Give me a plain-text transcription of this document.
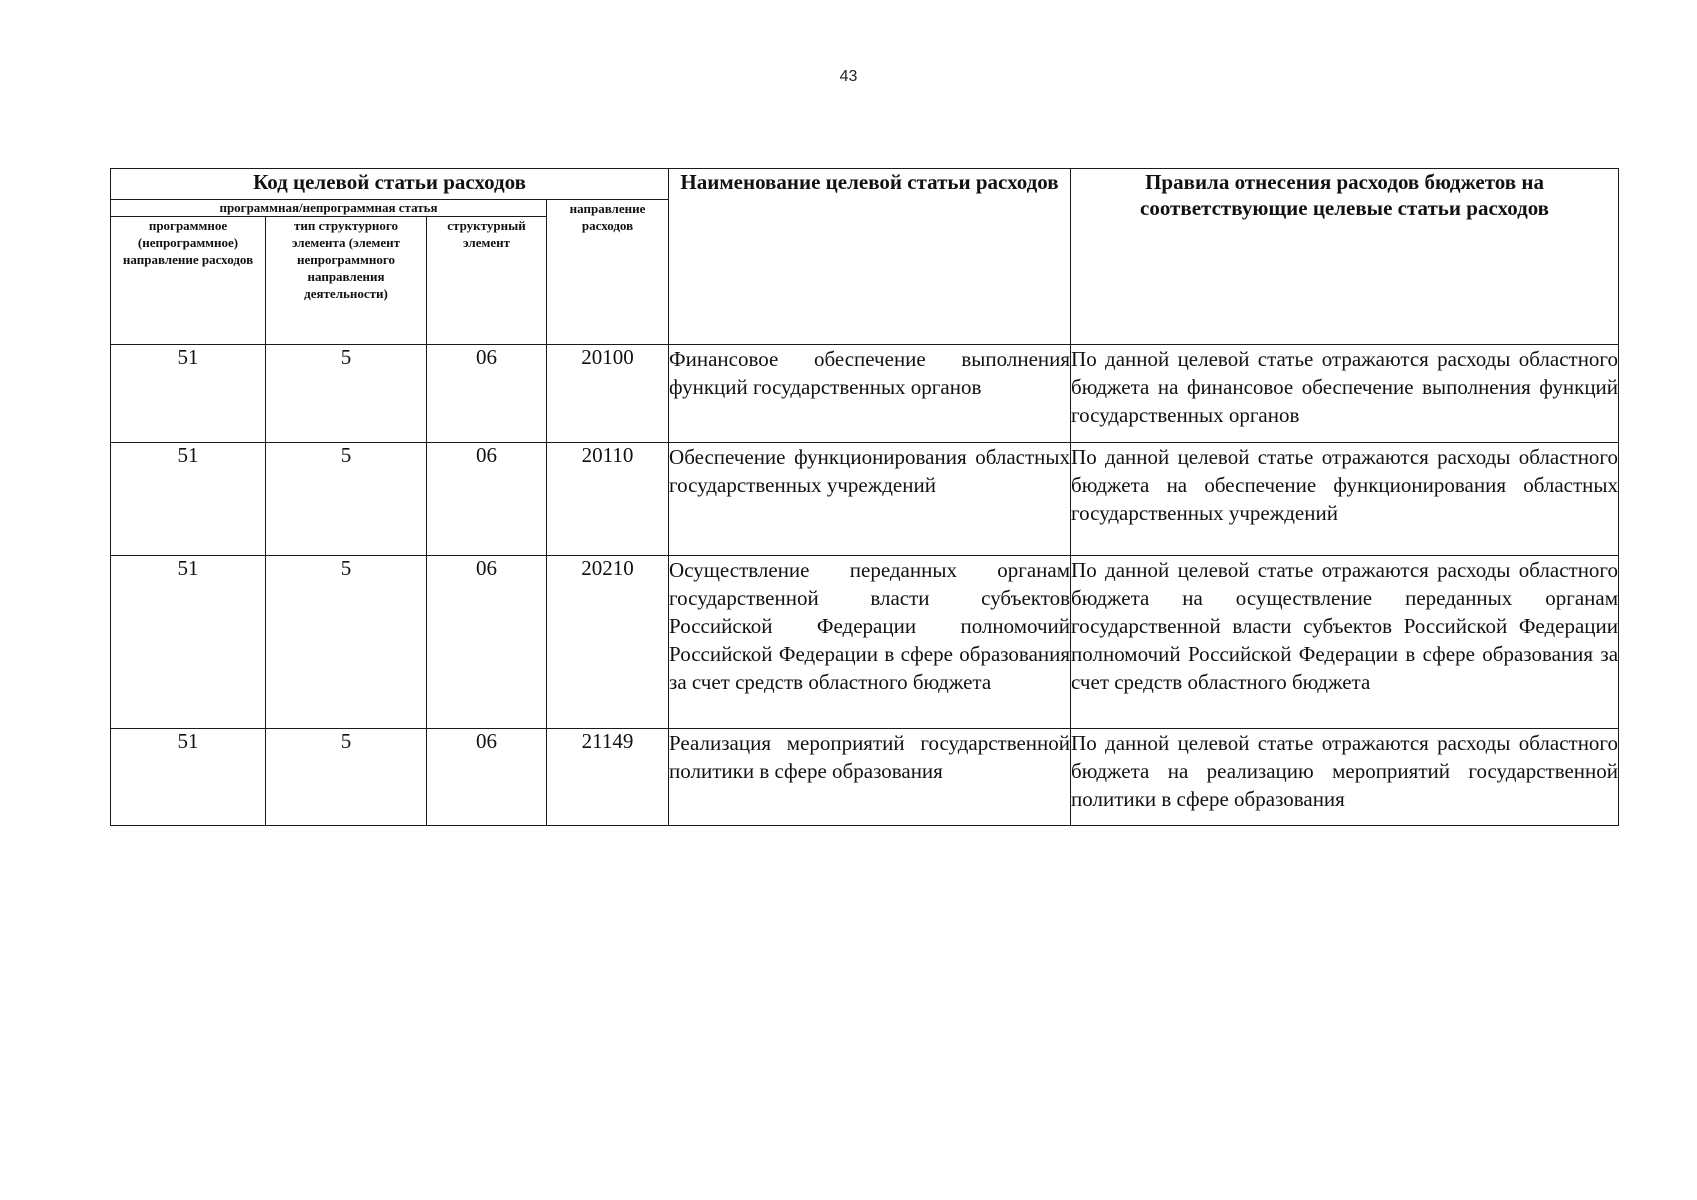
43
Код целевой статьи расходов				Наименование целевой статьи расходов	Правила отнесения расходов бюджетов на соответствующие целевые статьи расходов
программная/непрограммная статья			направление расходов		
программное (непрограммное) направление расходов	тип структурного элемента (элемент непрограммного направления деятельности)	структурный элемент			
51	5	06	20100	Финансовое обеспечение выполнения функций государственных органов	По данной целевой статье отражаются расходы областного бюджета на финансовое обеспечение выполнения функций государственных органов
51	5	06	20110	Обеспечение функционирования областных государственных учреждений	По данной целевой статье отражаются расходы областного бюджета на обеспечение функционирования областных государственных учреждений
51	5	06	20210	Осуществление переданных органам государственной власти субъектов Российской Федерации полномочий Российской Федерации в сфере образования за счет средств областного бюджета	По данной целевой статье отражаются расходы областного бюджета на осуществление переданных органам государственной власти субъектов Российской Федерации полномочий Российской Федерации в сфере образования за счет средств областного бюджета
51	5	06	21149	Реализация мероприятий государственной политики в сфере образования	По данной целевой статье отражаются расходы областного бюджета на реализацию мероприятий государственной политики в сфере образования
